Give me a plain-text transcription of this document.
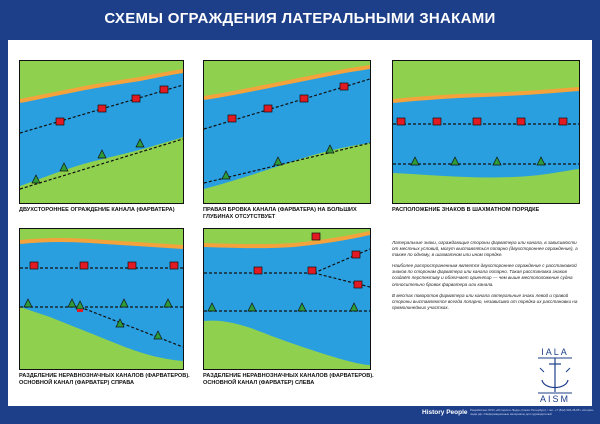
СХЕМЫ ОГРАЖДЕНИЯ ЛАТЕРАЛЬНЫМИ ЗНАКАМИ
ДВУХСТОРОННЕЕ ОГРАЖДЕНИЕ КАНАЛА (ФАРВАТЕРА)	ПРАВАЯ БРОВКА КАНАЛА (ФАРВАТЕРА) НА БОЛЬШИХ ГЛУБИНАХ ОТСУТСТВУЕТ
РАСПОЛОЖЕНИЕ ЗНАКОВ В ШАХМАТНОМ ПОРЯДКЕ
РАЗДЕЛЕНИЕ НЕРАВНОЗНАЧНЫХ КАНАЛОВ (ФАРВАТЕРОВ). ОСНОВНОЙ КАНАЛ (ФАРВАТЕР) СПРАВА
РАЗДЕЛЕНИЕ НЕРАВНОЗНАЧНЫХ КАНАЛОВ (ФАРВАТЕРОВ). ОСНОВНОЙ КАНАЛ (ФАРВАТЕР) СЛЕВА

Латеральные знаки, ограждающие стороны фарватера или канала, в зависимости от местных условий, могут выставляться попарно (двухстороннее ограждение), а также по одному, в шахматном или ином порядке.

Наиболее распространенным является двухстороннее ограждение с расстановкой знаков по сторонам фарватера или канала попарно. Такая расстановка знаков создаёт перспективу и облегчает ориентир — чем выше местоположение судна относительно бровок фарватера или канала.

В местах поворотов фарватера или канала латеральные знаки левой и правой стороны выставляются всегда попарно, независимо от порядка их расстановки на прямолинейных участках.

IALA
AISM
History People Разработано ООО «История и Люди» (Санкт-Петербург) • тел. +7 (812) 334-45-65 • история-люди.рф • Информационные материалы для судоводителей
